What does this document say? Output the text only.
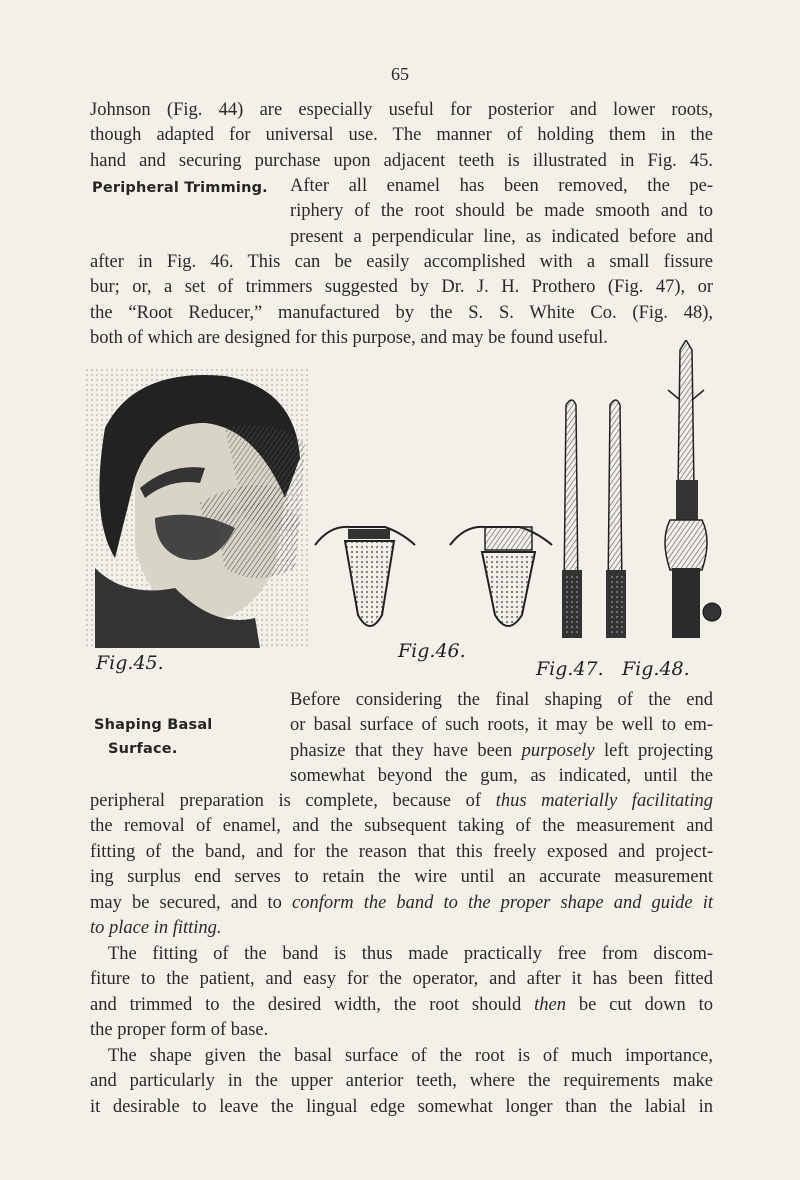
65
Johnson (Fig. 44) are especially useful for posterior and lower roots,
though adapted for universal use. The manner of holding them in the
hand and securing purchase upon adjacent teeth is illustrated in Fig. 45.
Peripheral Trimming. After all enamel has been removed, the pe-
riphery of the root should be made smooth and to
present a perpendicular line, as indicated before and
after in Fig. 46. This can be easily accomplished with a small fissure
bur; or, a set of trimmers suggested by Dr. J. H. Prothero (Fig. 47), or
the “Root Reducer,” manufactured by the S. S. White Co. (Fig. 48),
both of which are designed for this purpose, and may be found useful.
Fig.45.
Fig.46.
Fig.47. Fig.48.
Shaping Basal
Surface.
Before considering the final shaping of the end
or basal surface of such roots, it may be well to em-
phasize that they have been purposely left projecting
somewhat beyond the gum, as indicated, until the
peripheral preparation is complete, because of thus materially facilitating
the removal of enamel, and the subsequent taking of the measurement and
fitting of the band, and for the reason that this freely exposed and project-
ing surplus end serves to retain the wire until an accurate measurement
may be secured, and to conform the band to the proper shape and guide it
to place in fitting.
The fitting of the band is thus made practically free from discom-
fiture to the patient, and easy for the operator, and after it has been fitted
and trimmed to the desired width, the root should then be cut down to
the proper form of base.
The shape given the basal surface of the root is of much importance,
and particularly in the upper anterior teeth, where the requirements make
it desirable to leave the lingual edge somewhat longer than the labial in
